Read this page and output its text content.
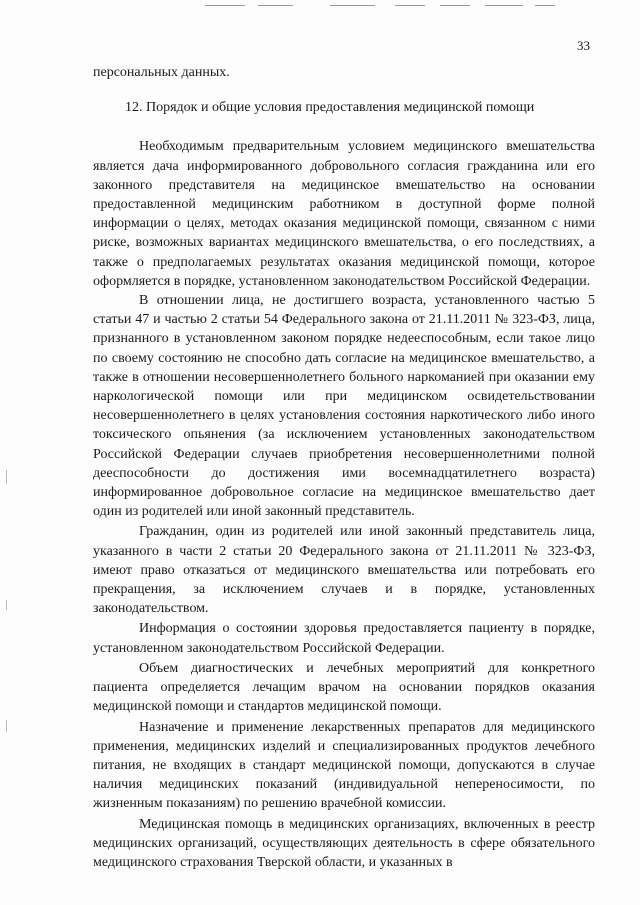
33

персональных данных.

12. Порядок и общие условия предоставления медицинской помощи

Необходимым предварительным условием медицинского вмешательства является дача информированного добровольного согласия гражданина или его законного представителя на медицинское вмешательство на основании предоставленной медицинским работником в доступной форме полной информации о целях, методах оказания медицинской помощи, связанном с ними риске, возможных вариантах медицинского вмешательства, о его последствиях, а также о предполагаемых результатах оказания медицинской помощи, которое оформляется в порядке, установленном законодательством Российской Федерации.

В отношении лица, не достигшего возраста, установленного частью 5 статьи 47 и частью 2 статьи 54 Федерального закона от 21.11.2011 № 323-ФЗ, лица, признанного в установленном законом порядке недееспособным, если такое лицо по своему состоянию не способно дать согласие на медицинское вмешательство, а также в отношении несовершеннолетнего больного наркоманией при оказании ему наркологической помощи или при медицинском освидетельствовании несовершеннолетнего в целях установления состояния наркотического либо иного токсического опьянения (за исключением установленных законодательством Российской Федерации случаев приобретения несовершеннолетними полной дееспособности до достижения ими восемнадцатилетнего возраста) информированное добровольное согласие на медицинское вмешательство дает один из родителей или иной законный представитель.

Гражданин, один из родителей или иной законный представитель лица, указанного в части 2 статьи 20 Федерального закона от 21.11.2011 № 323-ФЗ, имеют право отказаться от медицинского вмешательства или потребовать его прекращения, за исключением случаев и в порядке, установленных законодательством.

Информация о состоянии здоровья предоставляется пациенту в порядке, установленном законодательством Российской Федерации.

Объем диагностических и лечебных мероприятий для конкретного пациента определяется лечащим врачом на основании порядков оказания медицинской помощи и стандартов медицинской помощи.

Назначение и применение лекарственных препаратов для медицинского применения, медицинских изделий и специализированных продуктов лечебного питания, не входящих в стандарт медицинской помощи, допускаются в случае наличия медицинских показаний (индивидуальной непереносимости, по жизненным показаниям) по решению врачебной комиссии.

Медицинская помощь в медицинских организациях, включенных в реестр медицинских организаций, осуществляющих деятельность в сфере обязательного медицинского страхования Тверской области, и указанных в
